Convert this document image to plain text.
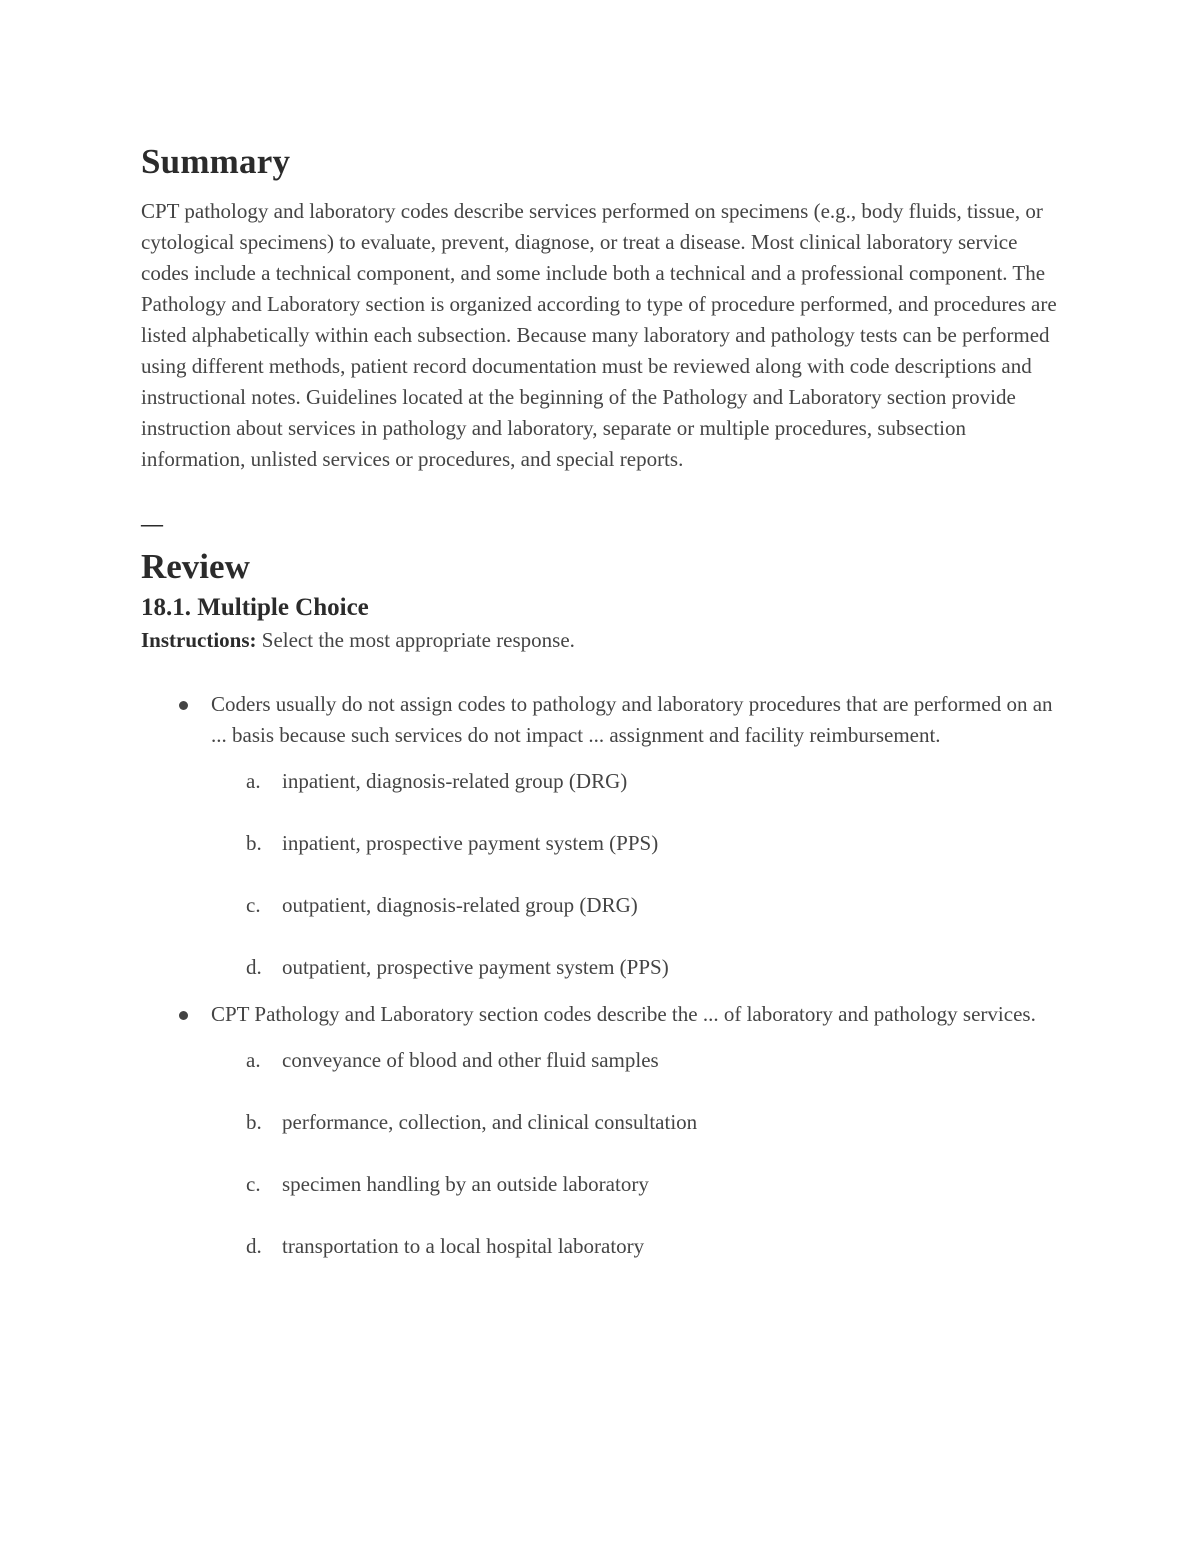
Summary

CPT pathology and laboratory codes describe services performed on specimens (e.g., body fluids, tissue, or cytological specimens) to evaluate, prevent, diagnose, or treat a disease. Most clinical laboratory service codes include a technical component, and some include both a technical and a professional component. The Pathology and Laboratory section is organized according to type of procedure performed, and procedures are listed alphabetically within each subsection. Because many laboratory and pathology tests can be performed using different methods, patient record documentation must be reviewed along with code descriptions and instructional notes. Guidelines located at the beginning of the Pathology and Laboratory section provide instruction about services in pathology and laboratory, separate or multiple procedures, subsection information, unlisted services or procedures, and special reports.

—
Review
18.1. Multiple Choice

Instructions: Select the most appropriate response.

Coders usually do not assign codes to pathology and laboratory procedures that are performed on an ... basis because such services do not impact ... assignment and facility reimbursement.

a. inpatient, diagnosis-related group (DRG)
b. inpatient, prospective payment system (PPS)
c. outpatient, diagnosis-related group (DRG)
d. outpatient, prospective payment system (PPS)

CPT Pathology and Laboratory section codes describe the ... of laboratory and pathology services.

a. conveyance of blood and other fluid samples
b. performance, collection, and clinical consultation
c. specimen handling by an outside laboratory
d. transportation to a local hospital laboratory
